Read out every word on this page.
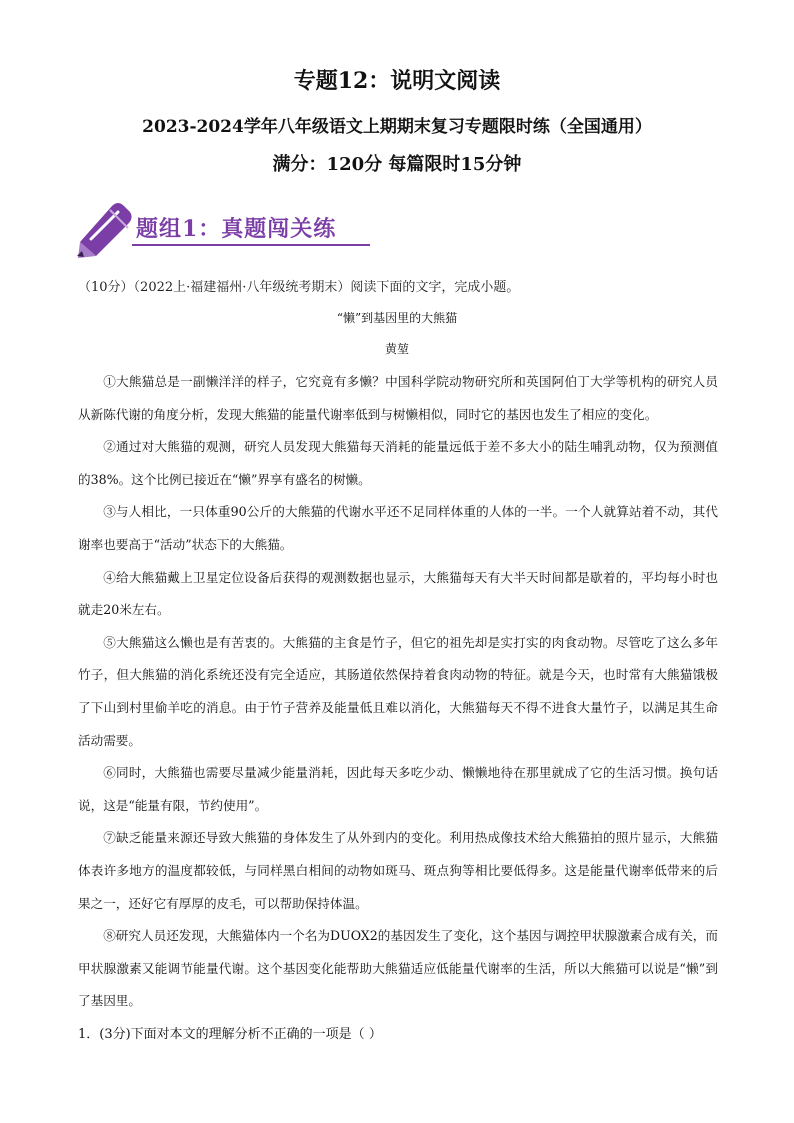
专题12：说明文阅读
2023-2024学年八年级语文上期期末复习专题限时练（全国通用）
满分：120分 每篇限时15分钟
题组1：真题闯关练
（10分）（2022上·福建福州·八年级统考期末）阅读下面的文字，完成小题。
“懒”到基因里的大熊猫
黄堃

①大熊猫总是一副懒洋洋的样子，它究竟有多懒？中国科学院动物研究所和英国阿伯丁大学等机构的研究人员从新陈代谢的角度分析，发现大熊猫的能量代谢率低到与树懒相似，同时它的基因也发生了相应的变化。

②通过对大熊猫的观测，研究人员发现大熊猫每天消耗的能量远低于差不多大小的陆生哺乳动物，仅为预测值的38%。这个比例已接近在“懒”界享有盛名的树懒。

③与人相比，一只体重90公斤的大熊猫的代谢水平还不足同样体重的人体的一半。一个人就算站着不动，其代谢率也要高于“活动”状态下的大熊猫。

④给大熊猫戴上卫星定位设备后获得的观测数据也显示，大熊猫每天有大半天时间都是歇着的，平均每小时也就走20米左右。

⑤大熊猫这么懒也是有苦衷的。大熊猫的主食是竹子，但它的祖先却是实打实的肉食动物。尽管吃了这么多年竹子，但大熊猫的消化系统还没有完全适应，其肠道依然保持着食肉动物的特征。就是今天，也时常有大熊猫饿极了下山到村里偷羊吃的消息。由于竹子营养及能量低且难以消化，大熊猫每天不得不进食大量竹子，以满足其生命活动需要。

⑥同时，大熊猫也需要尽量减少能量消耗，因此每天多吃少动、懒懒地待在那里就成了它的生活习惯。换句话说，这是“能量有限，节约使用”。

⑦缺乏能量来源还导致大熊猫的身体发生了从外到内的变化。利用热成像技术给大熊猫拍的照片显示，大熊猫体表许多地方的温度都较低，与同样黑白相间的动物如斑马、斑点狗等相比要低得多。这是能量代谢率低带来的后果之一，还好它有厚厚的皮毛，可以帮助保持体温。

⑧研究人员还发现，大熊猫体内一个名为DUOX2的基因发生了变化，这个基因与调控甲状腺激素合成有关，而甲状腺激素又能调节能量代谢。这个基因变化能帮助大熊猫适应低能量代谢率的生活，所以大熊猫可以说是“懒”到了基因里。

1．(3分)下面对本文的理解分析不正确的一项是（ ）
